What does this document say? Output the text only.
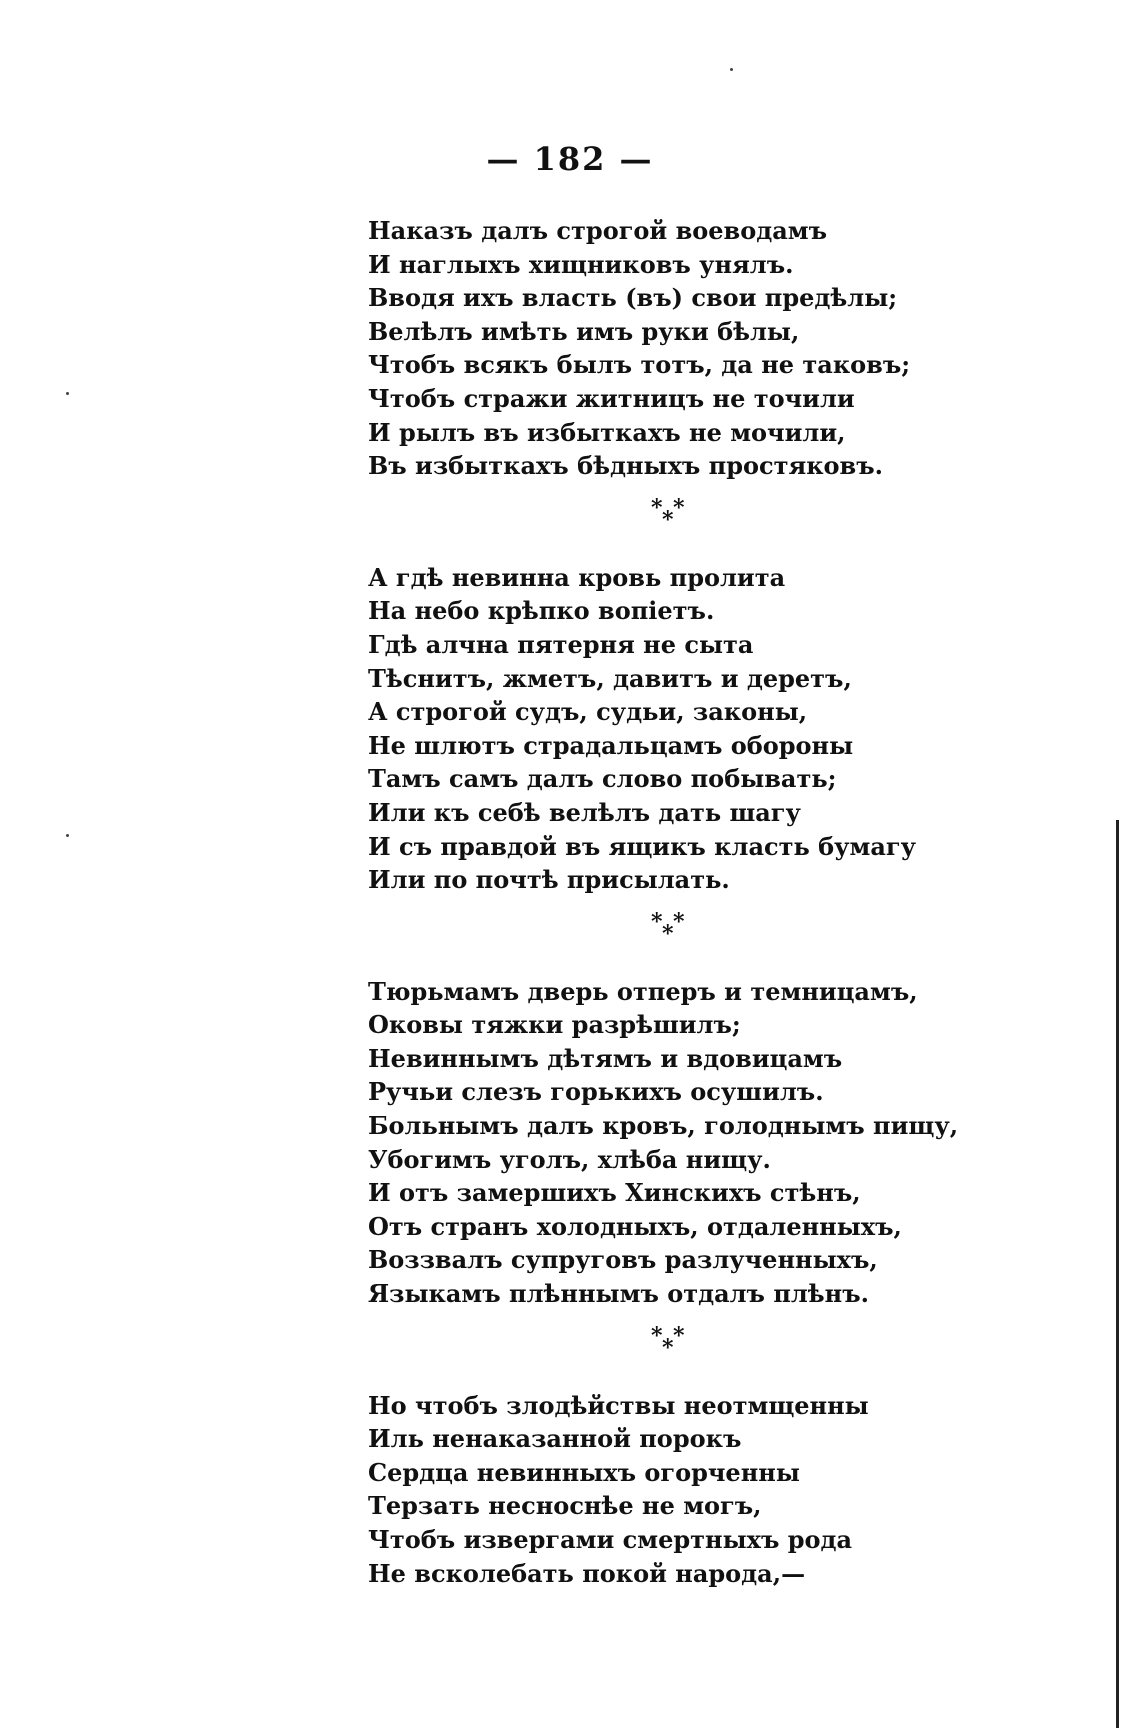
— 182 —
Наказъ далъ строгой воеводамъ
И наглыхъ хищниковъ унялъ.
Вводя ихъ власть (въ) свои предѣлы;
Велѣлъ имѣть имъ руки бѣлы,
Чтобъ всякъ былъ тотъ, да не таковъ;
Чтобъ стражи житницъ не точили
И рылъ въ избыткахъ не мочили,
Въ избыткахъ бѣдныхъ простяковъ.
* *
*
А гдѣ невинна кровь пролита
На небо крѣпко вопіетъ.
Гдѣ алчна пятерня не сыта
Тѣснитъ, жметъ, давитъ и деретъ,
А строгой судъ, судьи, законы,
Не шлютъ страдальцамъ обороны
Тамъ самъ далъ слово побывать;
Или къ себѣ велѣлъ дать шагу
И съ правдой въ ящикъ класть бумагу
Или по почтѣ присылать.
* *
*
Тюрьмамъ дверь отперъ и темницамъ,
Оковы тяжки разрѣшилъ;
Невиннымъ дѣтямъ и вдовицамъ
Ручьи слезъ горькихъ осушилъ.
Больнымъ далъ кровъ, голоднымъ пищу,
Убогимъ уголъ, хлѣба нищу.
И отъ замершихъ Хинскихъ стѣнъ,
Отъ странъ холодныхъ, отдаленныхъ,
Воззвалъ супруговъ разлученныхъ,
Языкамъ плѣннымъ отдалъ плѣнъ.
* *
*
Но чтобъ злодѣйствы неотмщенны
Иль ненаказанной порокъ
Сердца невинныхъ огорченны
Терзать несноснѣе не могъ,
Чтобъ извергами смертныхъ рода
Не всколебать покой народа,—
